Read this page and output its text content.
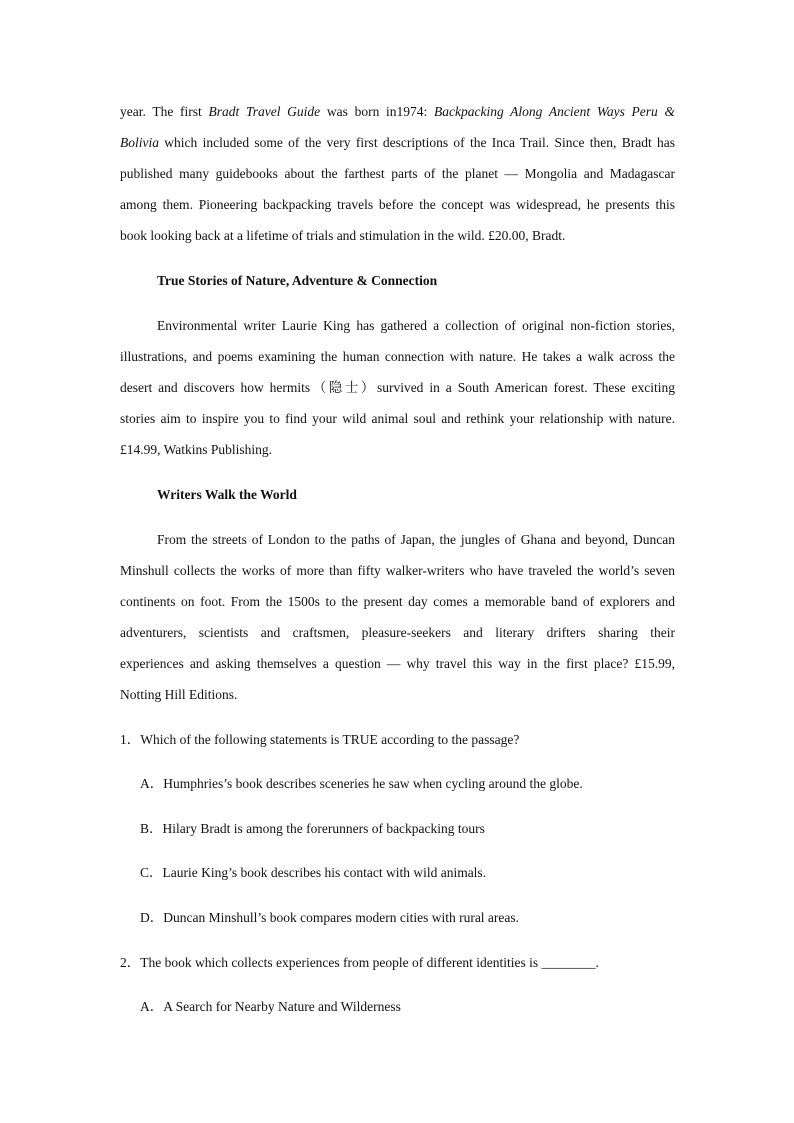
year. The first Bradt Travel Guide was born in1974: Backpacking Along Ancient Ways Peru &
Bolivia which included some of the very first descriptions of the Inca Trail. Since then, Bradt has
published many guidebooks about the farthest parts of the planet — Mongolia and Madagascar
among them. Pioneering backpacking travels before the concept was widespread, he presents this
book looking back at a lifetime of trials and stimulation in the wild. £20.00, Bradt.
True Stories of Nature, Adventure & Connection
Environmental writer Laurie King has gathered a collection of original non-fiction stories,
illustrations, and poems examining the human connection with nature. He takes a walk across the
desert and discovers how hermits（隐士）survived in a South American forest. These exciting
stories aim to inspire you to find your wild animal soul and rethink your relationship with nature.
£14.99, Watkins Publishing.
Writers Walk the World
From the streets of London to the paths of Japan, the jungles of Ghana and beyond, Duncan
Minshull collects the works of more than fifty walker-writers who have traveled the world’s seven
continents on foot. From the 1500s to the present day comes a memorable band of explorers and
adventurers, scientists and craftsmen, pleasure-seekers and literary drifters sharing their
experiences and asking themselves a question — why travel this way in the first place? £15.99,
Notting Hill Editions.
1．Which of the following statements is TRUE according to the passage?
A．Humphries’s book describes sceneries he saw when cycling around the globe.
B．Hilary Bradt is among the forerunners of backpacking tours
C．Laurie King’s book describes his contact with wild animals.
D．Duncan Minshull’s book compares modern cities with rural areas.
2．The book which collects experiences from people of different identities is ________.
A．A Search for Nearby Nature and Wilderness
